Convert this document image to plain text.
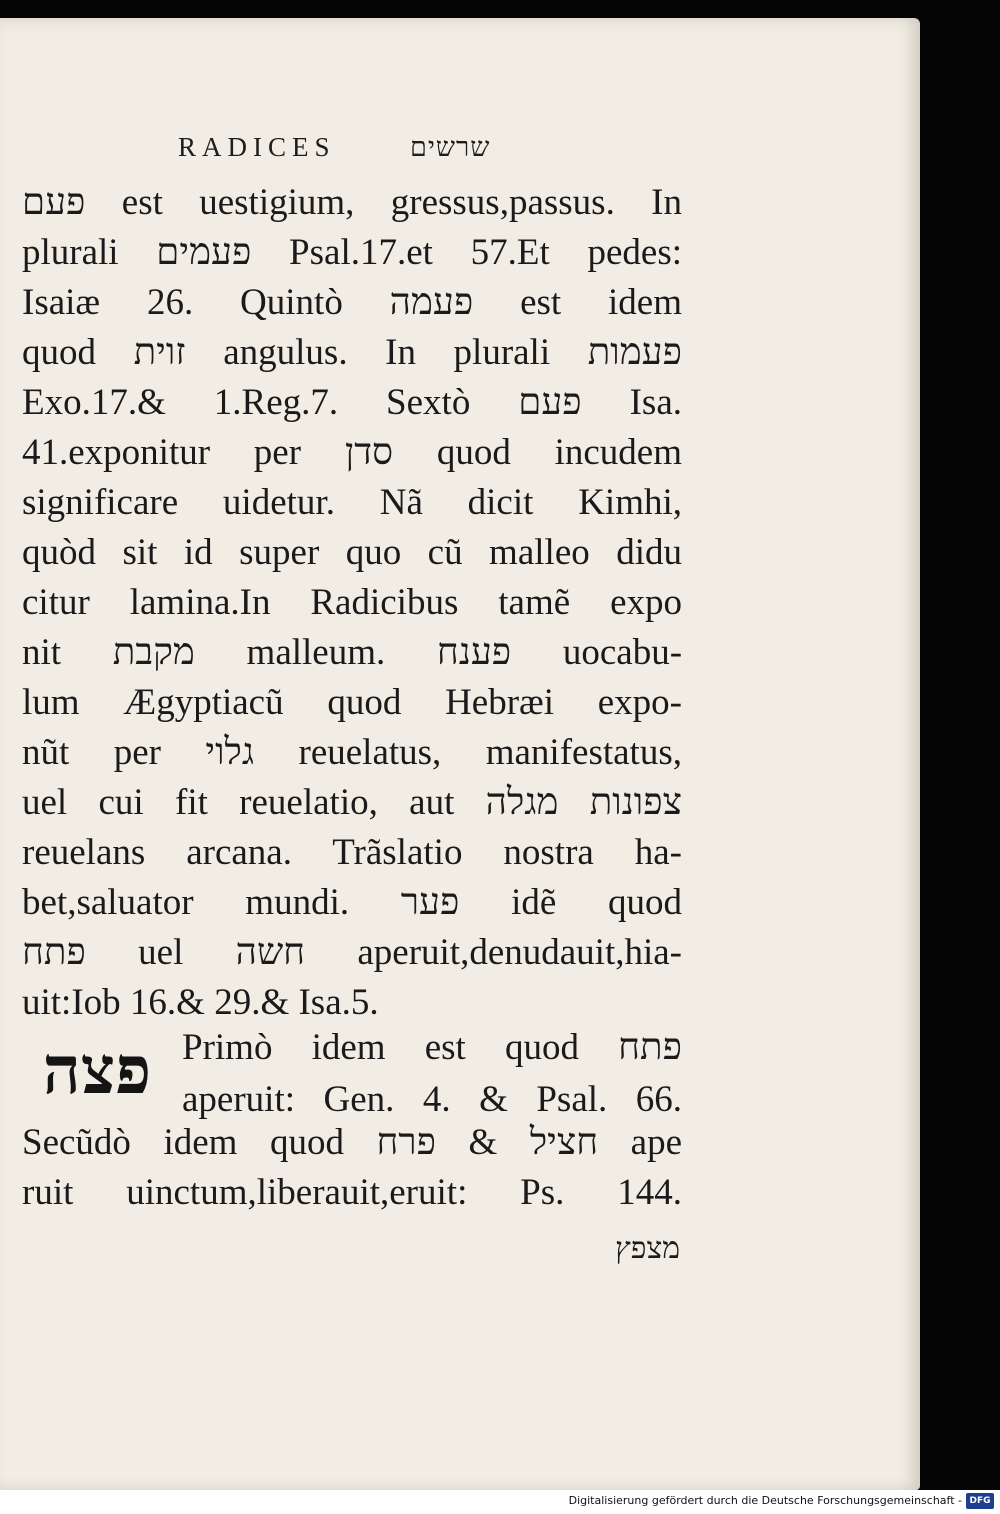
RADICES	שרשים
פעם est uestigium, gressus,passus. In
plurali פעמים Psal.17.et 57.Et pedes:
Isaiæ 26. Quintò פעמה est idem
quod זוית angulus. In plurali פעמות
Exo.17.& 1.Reg.7. Sextò פעם Isa.
41.exponitur per סדן quod incudem
significare uidetur. Nã dicit Kimhi,
quòd sit id super quo cũ malleo didu
citur lamina.In Radicibus tamẽ expo
nit מקבת malleum. פענח uocabu-
lum Ægyptiacũ quod Hebræi expo-
nũt per גלוי reuelatus, manifestatus,
uel cui fit reuelatio, aut צפונות מגלה
reuelans arcana. Trãslatio nostra ha-
bet,saluator mundi. פער idẽ quod
פתח uel חשה aperuit,denudauit,hia-
uit:Iob 16.& 29.& Isa.5.
Primò idem est quod פתח
aperuit: Gen. 4. & Psal. 66.
Secũdò idem quod חציל & פרח ape
ruit uinctum,liberauit,eruit: Ps. 144.
פצה
מצפץ
Digitalisierung gefördert durch die Deutsche Forschungsgemeinschaft - DFG
